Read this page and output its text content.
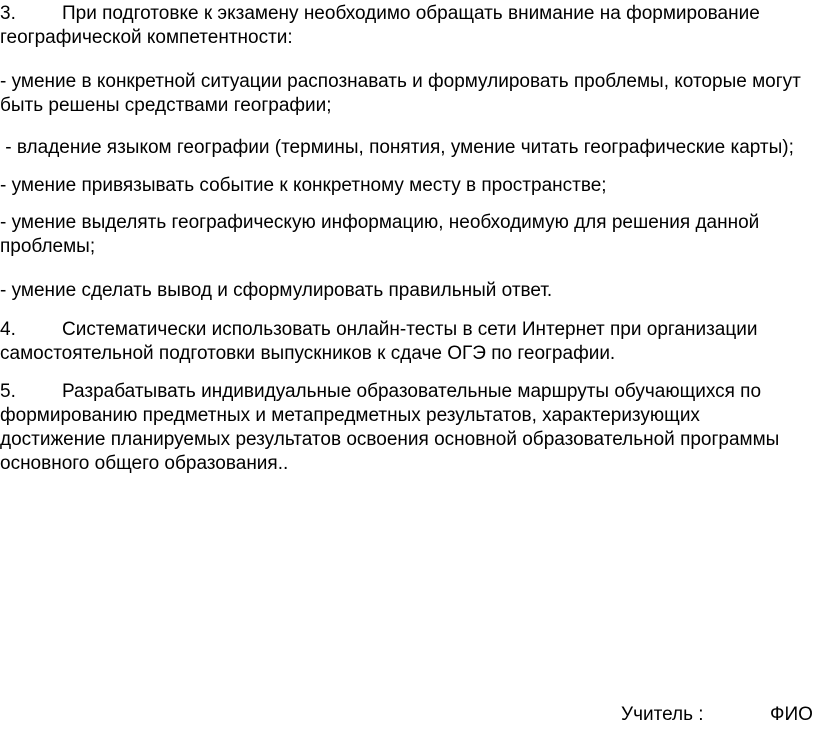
3. При подготовке к экзамену необходимо обращать внимание на формирование географической компетентности:

- умение в конкретной ситуации распознавать и формулировать проблемы, которые могут быть решены средствами географии;

- владение языком географии (термины, понятия, умение читать географические карты);

- умение привязывать событие к конкретному месту в пространстве;

- умение выделять географическую информацию, необходимую для решения данной проблемы;

- умение сделать вывод и сформулировать правильный ответ.

4. Систематически использовать онлайн-тесты в сети Интернет при организации самостоятельной подготовки выпускников к сдаче ОГЭ по географии.

5. Разрабатывать индивидуальные образовательные маршруты обучающихся по формированию предметных и метапредметных результатов, характеризующих достижение планируемых результатов освоения основной образовательной программы основного общего образования..

Учитель :	ФИО
